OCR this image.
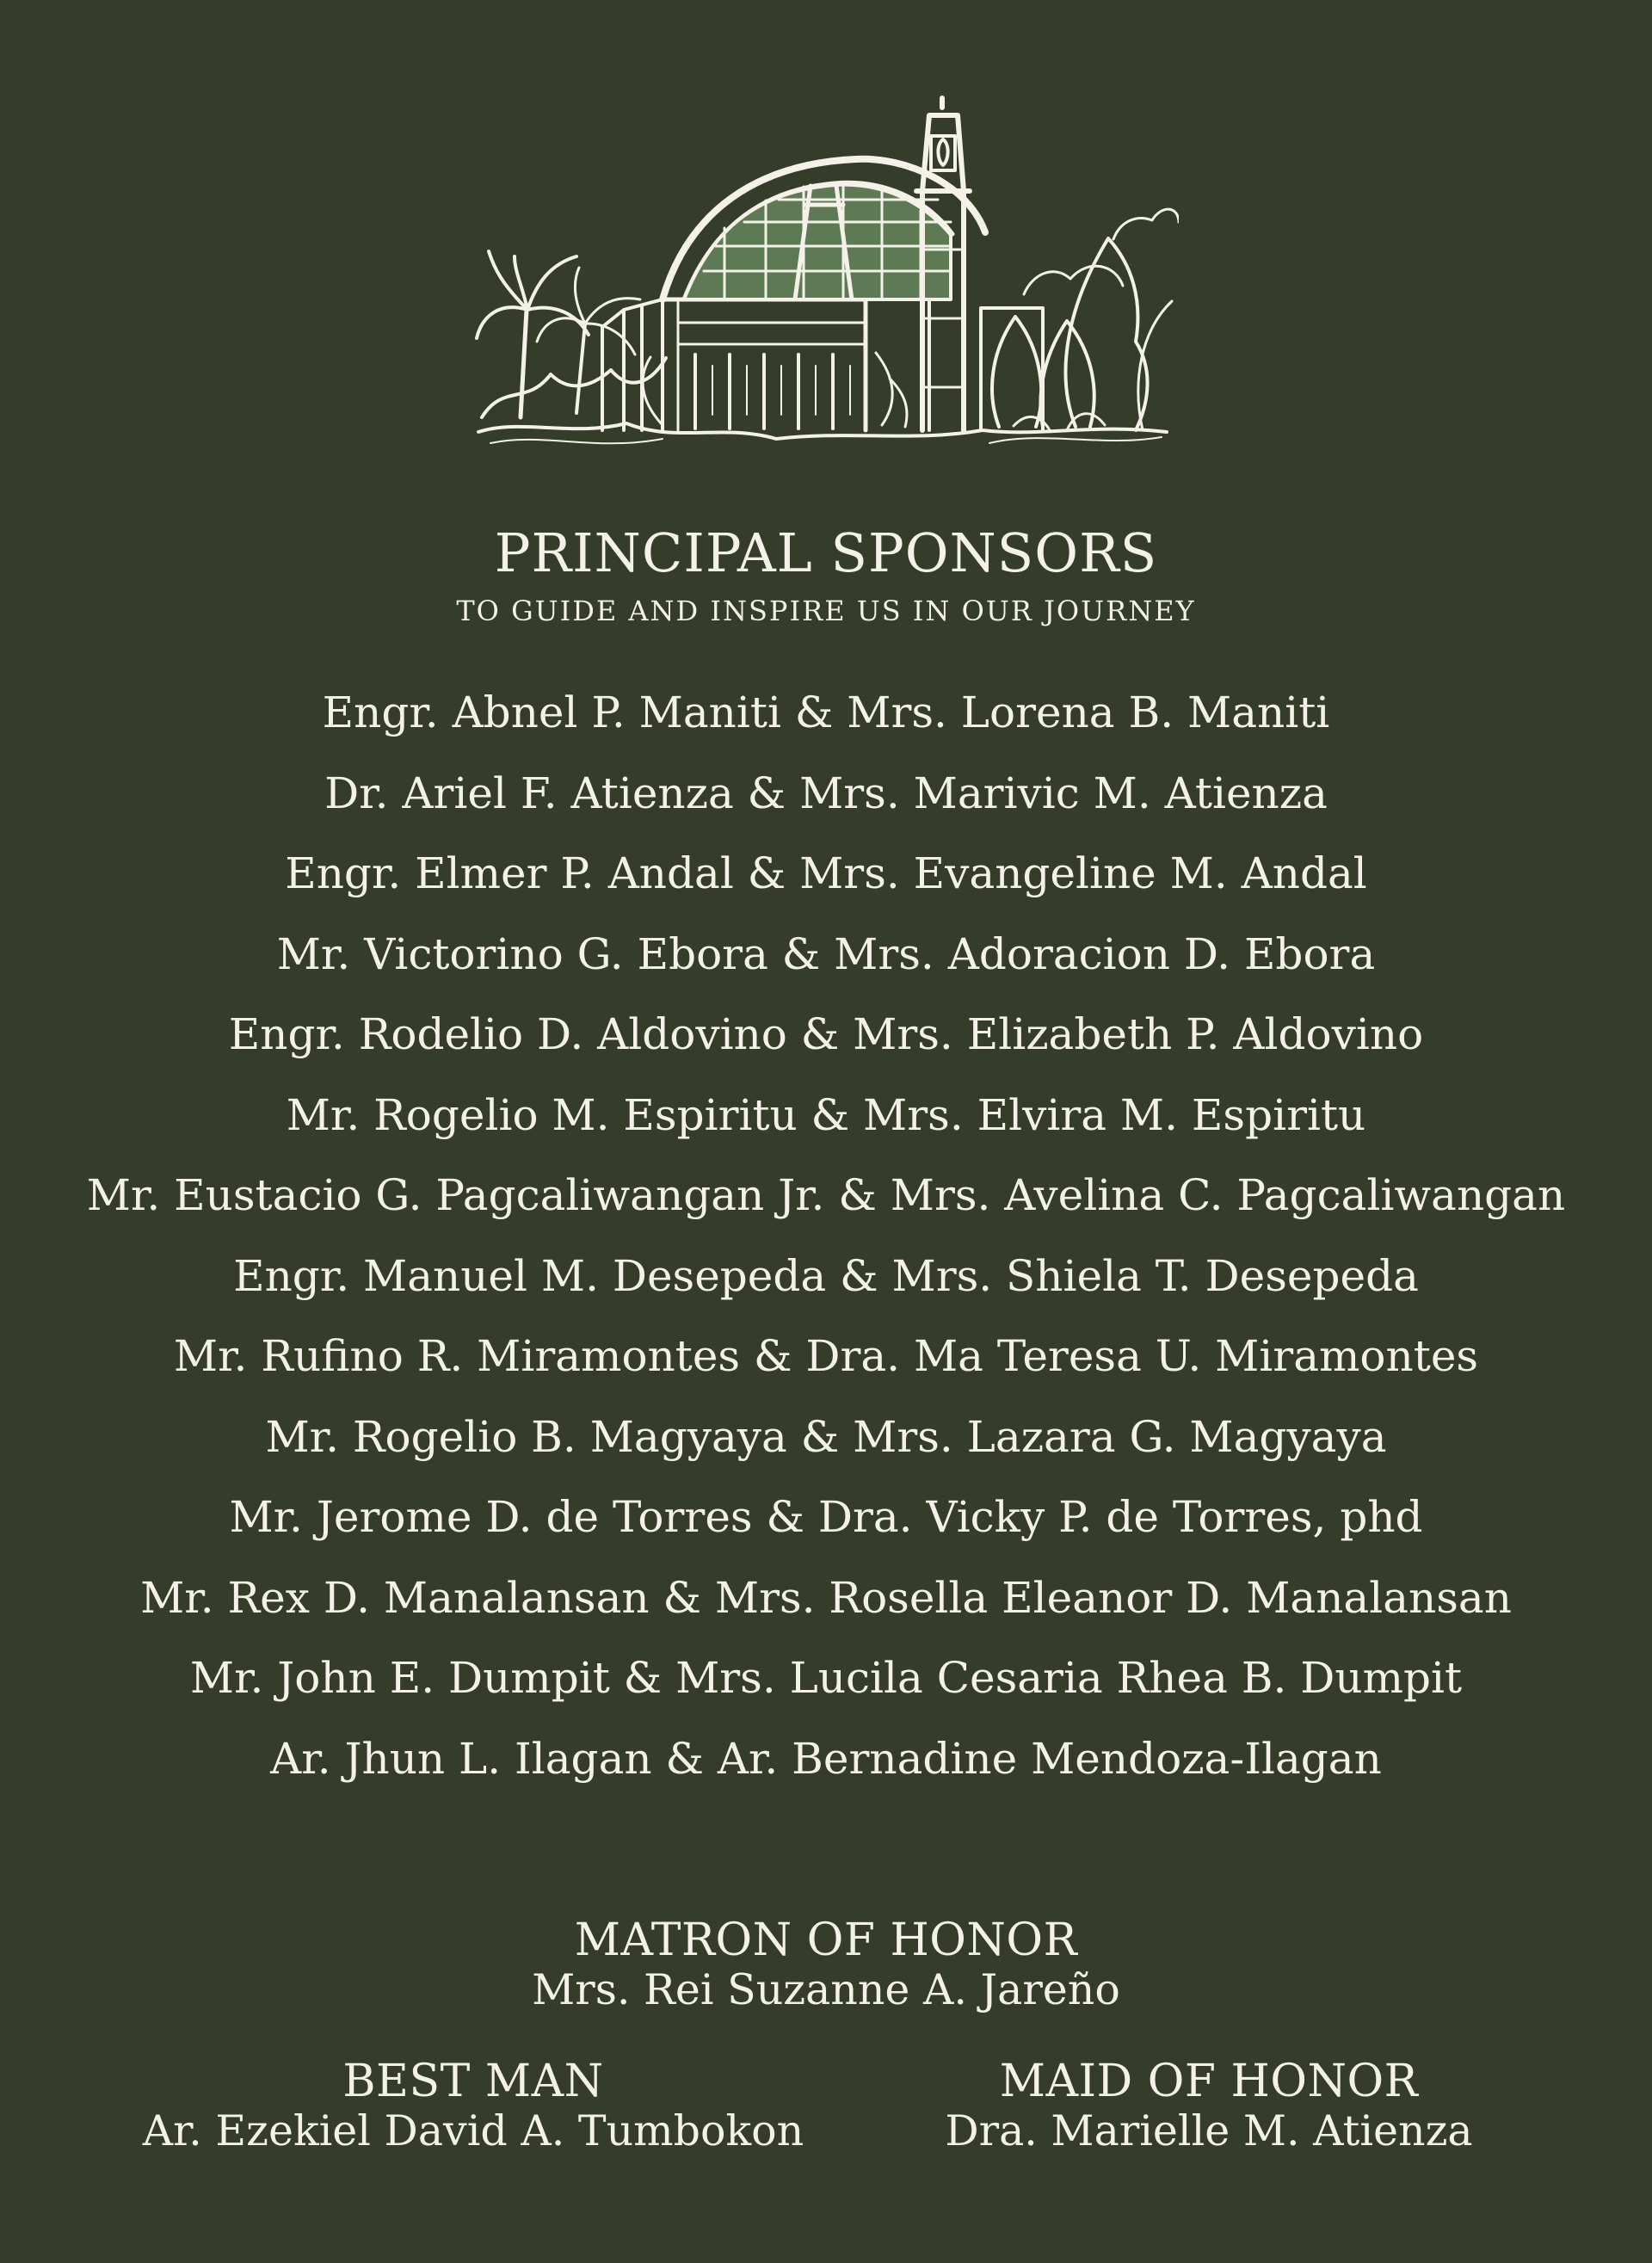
PRINCIPAL SPONSORS
TO GUIDE AND INSPIRE US IN OUR JOURNEY
Engr. Abnel P. Maniti & Mrs. Lorena B. Maniti
Dr. Ariel F. Atienza & Mrs. Marivic M. Atienza
Engr. Elmer P. Andal & Mrs. Evangeline M. Andal
Mr. Victorino G. Ebora & Mrs. Adoracion D. Ebora
Engr. Rodelio D. Aldovino & Mrs. Elizabeth P. Aldovino
Mr. Rogelio M. Espiritu & Mrs. Elvira M. Espiritu
Mr. Eustacio G. Pagcaliwangan Jr. & Mrs. Avelina C. Pagcaliwangan
Engr. Manuel M. Desepeda & Mrs. Shiela T. Desepeda
Mr. Rufino R. Miramontes & Dra. Ma Teresa U. Miramontes
Mr. Rogelio B. Magyaya & Mrs. Lazara G. Magyaya
Mr. Jerome D. de Torres & Dra. Vicky P. de Torres, phd
Mr. Rex D. Manalansan & Mrs. Rosella Eleanor D. Manalansan
Mr. John E. Dumpit & Mrs. Lucila Cesaria Rhea B. Dumpit
Ar. Jhun L. Ilagan & Ar. Bernadine Mendoza-Ilagan
MATRON OF HONOR
Mrs. Rei Suzanne A. Jareño
BEST MAN
Ar. Ezekiel David A. Tumbokon
MAID OF HONOR
Dra. Marielle M. Atienza
